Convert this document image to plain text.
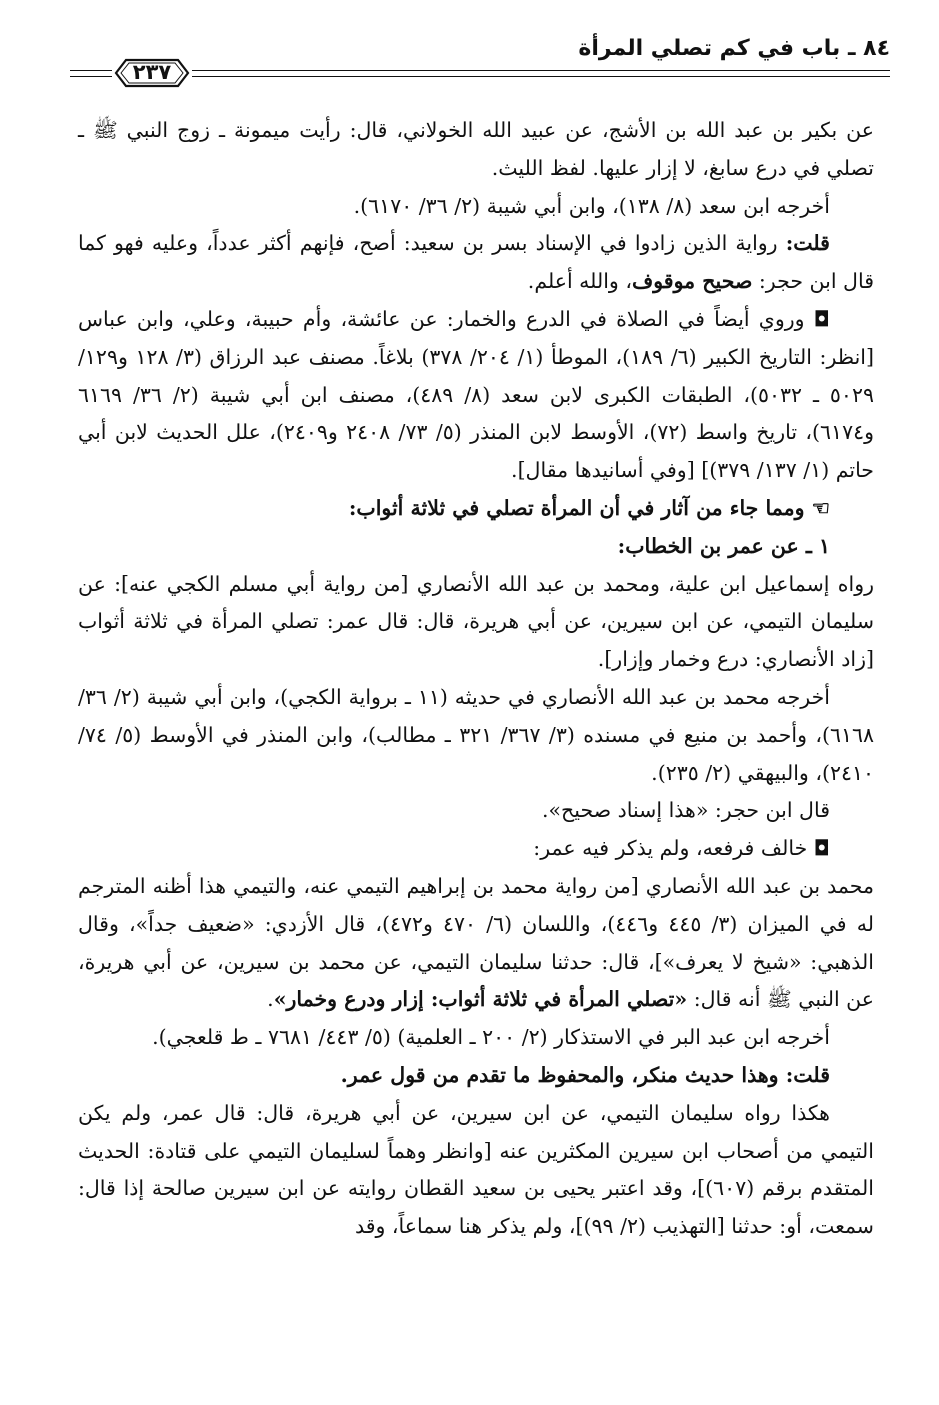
٢٣٧
٨٤ ـ باب في كم تصلي المرأة

عن بكير بن عبد الله بن الأشج، عن عبيد الله الخولاني، قال: رأيت ميمونة ـ زوج النبي ﷺ ـ تصلي في درع سابغ، لا إزار عليها. لفظ الليث.

أخرجه ابن سعد (٨/ ١٣٨)، وابن أبي شيبة (٢/ ٣٦/ ٦١٧٠).

قلت: رواية الذين زادوا في الإسناد بسر بن سعيد: أصح، فإنهم أكثر عدداً، وعليه فهو كما قال ابن حجر: صحيح موقوف، والله أعلم.

◘ وروي أيضاً في الصلاة في الدرع والخمار: عن عائشة، وأم حبيبة، وعلي، وابن عباس [انظر: التاريخ الكبير (٦/ ١٨٩)، الموطأ (١/ ٢٠٤/ ٣٧٨) بلاغاً. مصنف عبد الرزاق (٣/ ١٢٨ و١٢٩/ ٥٠٢٩ ـ ٥٠٣٢)، الطبقات الكبرى لابن سعد (٨/ ٤٨٩)، مصنف ابن أبي شيبة (٢/ ٣٦/ ٦١٦٩ و٦١٧٤)، تاريخ واسط (٧٢)، الأوسط لابن المنذر (٥/ ٧٣/ ٢٤٠٨ و٢٤٠٩)، علل الحديث لابن أبي حاتم (١/ ١٣٧/ ٣٧٩)] [وفي أسانيدها مقال].

☜ ومما جاء من آثار في أن المرأة تصلي في ثلاثة أثواب:

١ ـ عن عمر بن الخطاب:

رواه إسماعيل ابن علية، ومحمد بن عبد الله الأنصاري [من رواية أبي مسلم الكجي عنه]: عن سليمان التيمي، عن ابن سيرين، عن أبي هريرة، قال: قال عمر: تصلي المرأة في ثلاثة أثواب [زاد الأنصاري: درع وخمار وإزار].

أخرجه محمد بن عبد الله الأنصاري في حديثه (١١ ـ برواية الكجي)، وابن أبي شيبة (٢/ ٣٦/ ٦١٦٨)، وأحمد بن منيع في مسنده (٣/ ٣٦٧/ ٣٢١ ـ مطالب)، وابن المنذر في الأوسط (٥/ ٧٤/ ٢٤١٠)، والبيهقي (٢/ ٢٣٥).

قال ابن حجر: «هذا إسناد صحيح».

◘ خالف فرفعه، ولم يذكر فيه عمر:

محمد بن عبد الله الأنصاري [من رواية محمد بن إبراهيم التيمي عنه، والتيمي هذا أظنه المترجم له في الميزان (٣/ ٤٤٥ و٤٤٦)، واللسان (٦/ ٤٧٠ و٤٧٢)، قال الأزدي: «ضعيف جداً»، وقال الذهبي: «شيخ لا يعرف»]، قال: حدثنا سليمان التيمي، عن محمد بن سيرين، عن أبي هريرة، عن النبي ﷺ أنه قال: «تصلي المرأة في ثلاثة أثواب: إزار ودرع وخمار».

أخرجه ابن عبد البر في الاستذكار (٢/ ٢٠٠ ـ العلمية) (٥/ ٤٤٣/ ٧٦٨١ ـ ط قلعجي).

قلت: وهذا حديث منكر، والمحفوظ ما تقدم من قول عمر.

هكذا رواه سليمان التيمي، عن ابن سيرين، عن أبي هريرة، قال: قال عمر، ولم يكن التيمي من أصحاب ابن سيرين المكثرين عنه [وانظر وهماً لسليمان التيمي على قتادة: الحديث المتقدم برقم (٦٠٧)]، وقد اعتبر يحيى بن سعيد القطان روايته عن ابن سيرين صالحة إذا قال: سمعت، أو: حدثنا [التهذيب (٢/ ٩٩)]، ولم يذكر هنا سماعاً، وقد
